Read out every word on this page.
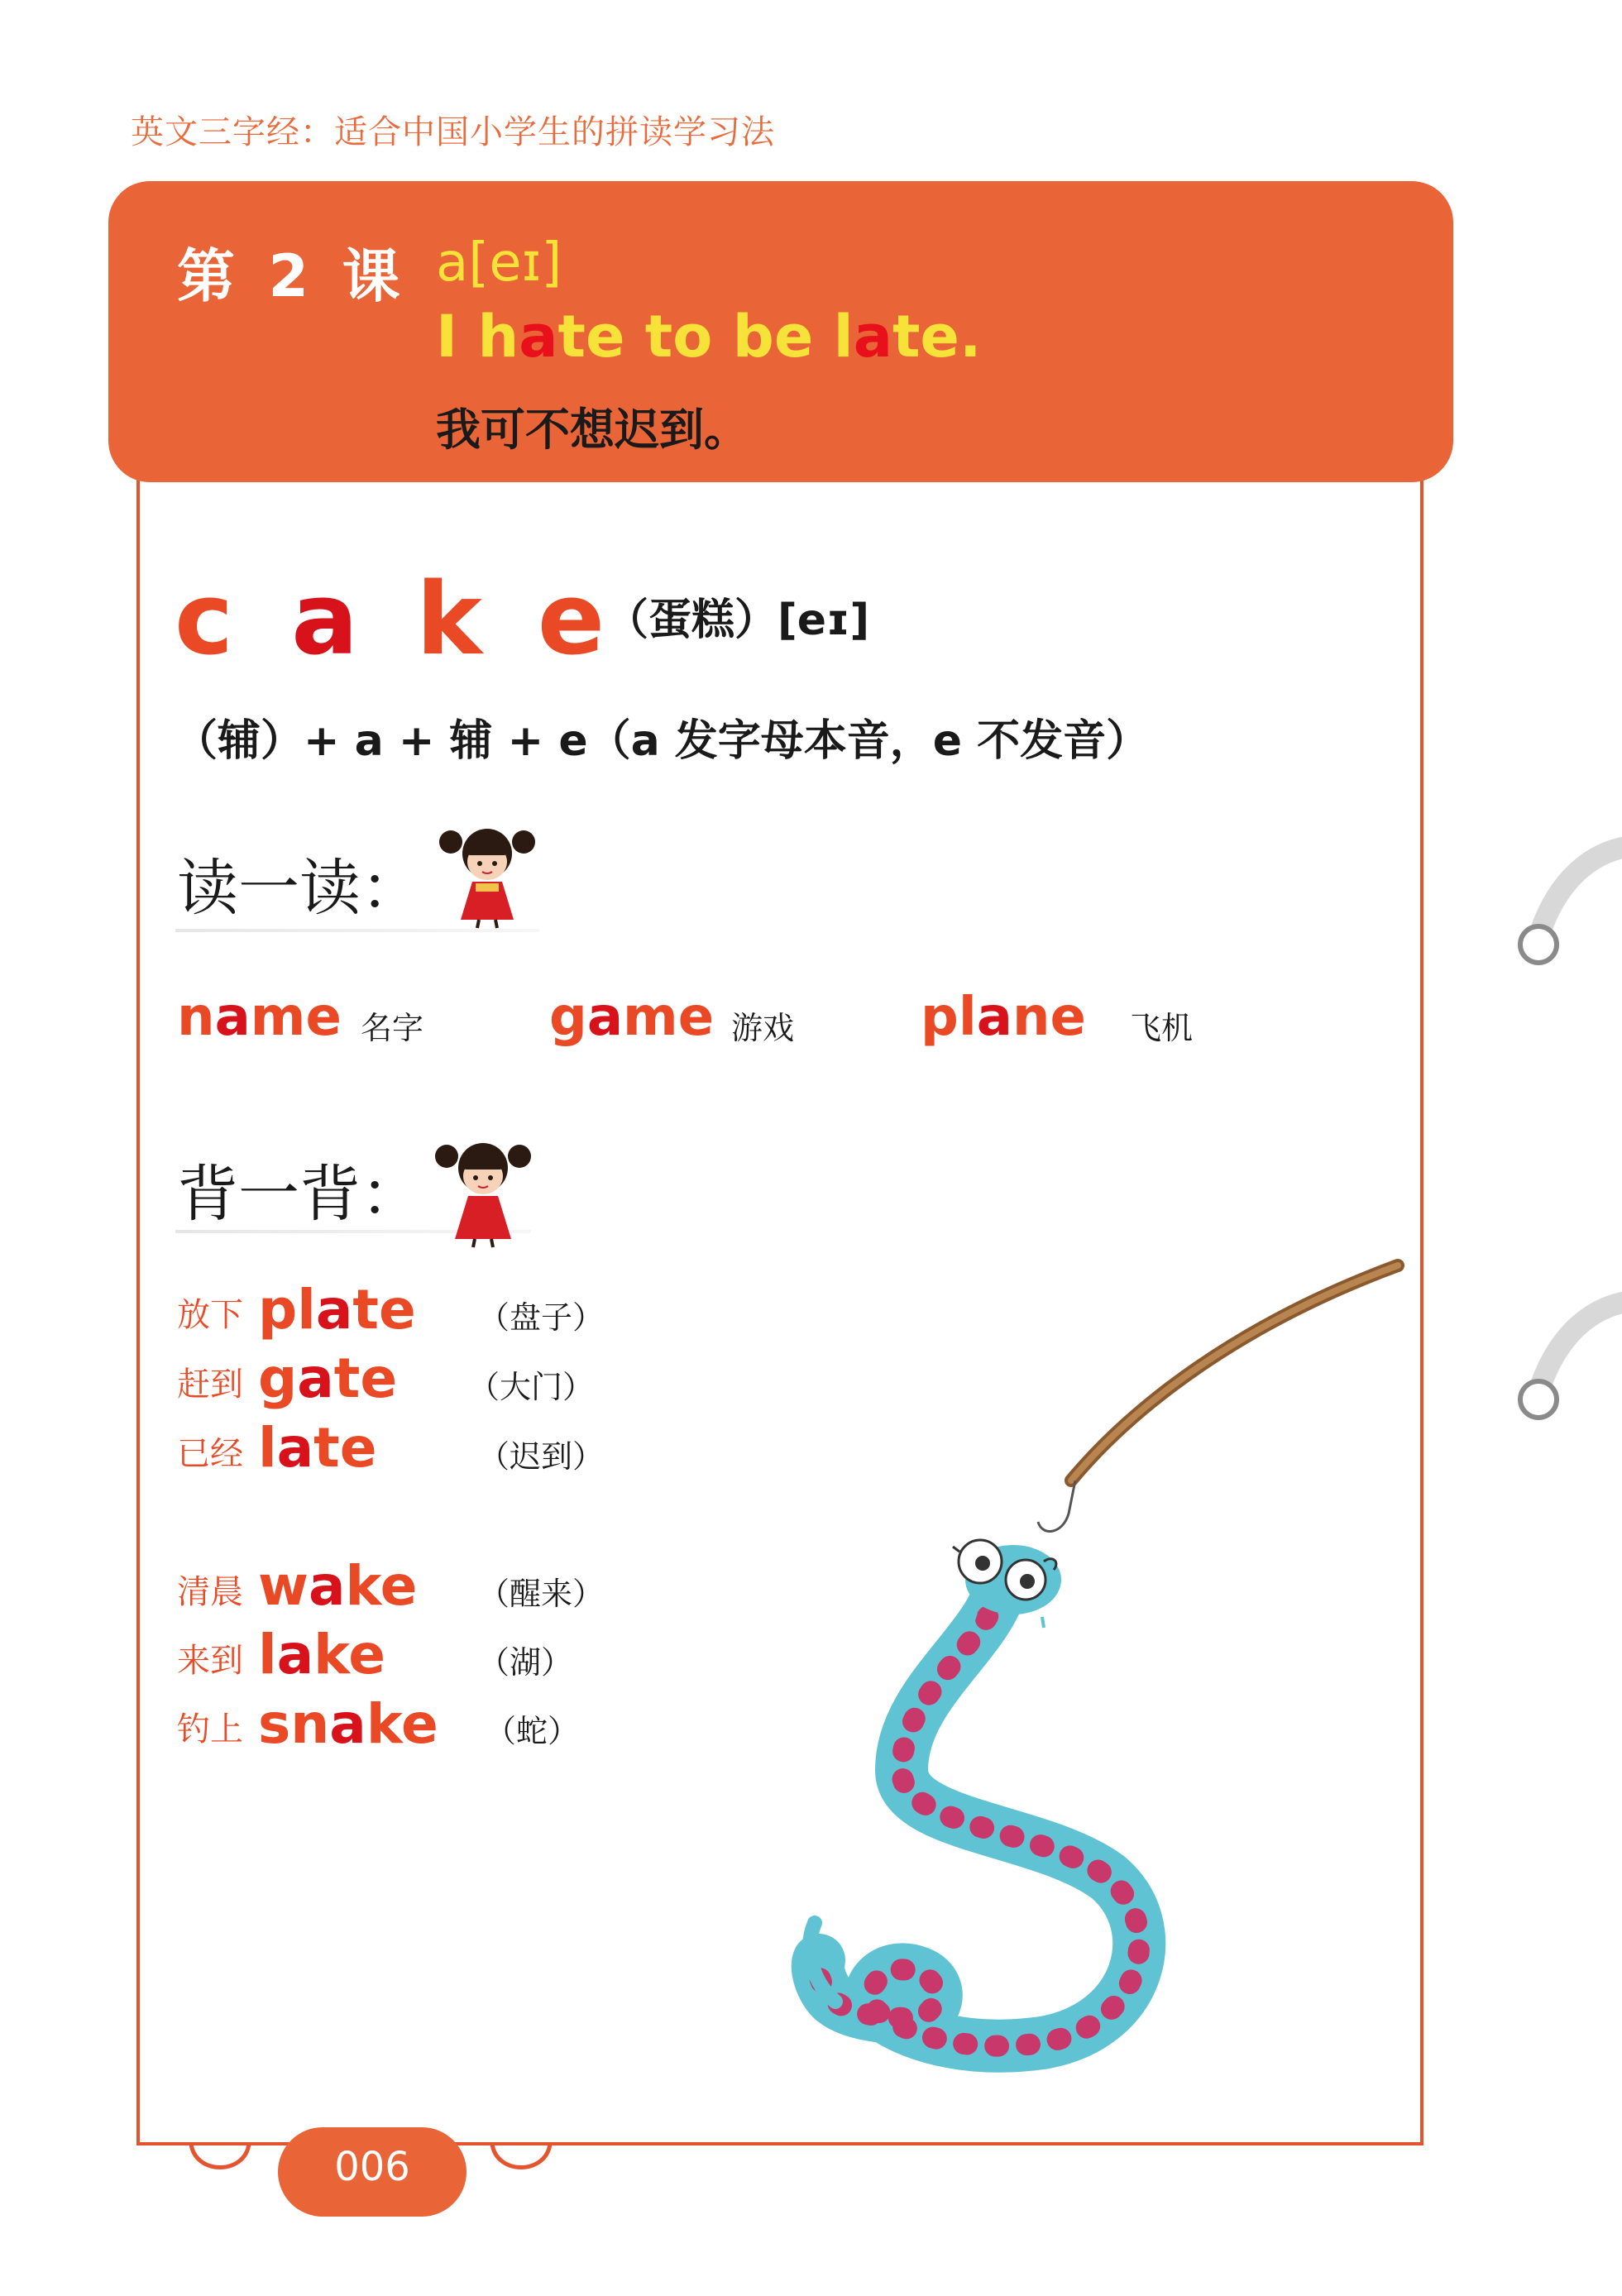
英文三字经：适合中国小学生的拼读学习法
第 2 课 a[eɪ]
I hate to be late.
我可不想迟到。
cake
（蛋糕）[eɪ]
（辅）+ a + 辅 + e（a 发字母本音，e 不发音）
读一读：
name 名字 game 游戏 plane 飞机
背一背：
放下 plate （盘子）
赶到 gate （大门）
已经 late	（迟到）
清晨 wake （醒来）
来到 lake	（湖）
钓上 snake （蛇）
006
